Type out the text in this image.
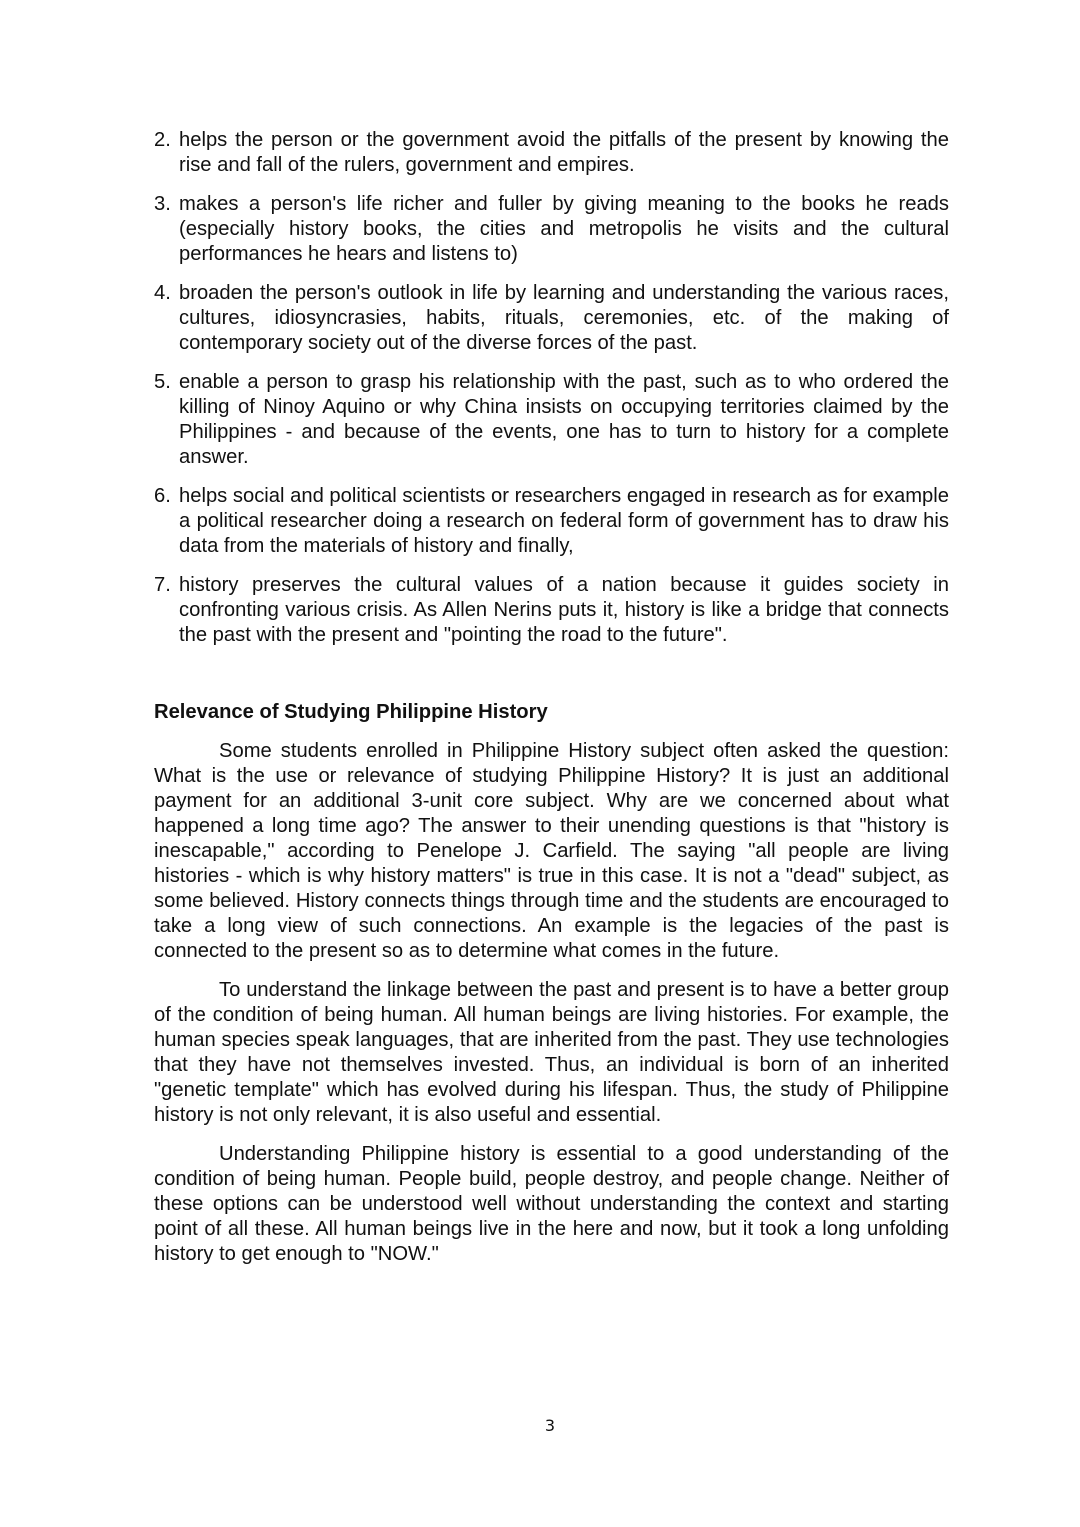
2. helps the person or the government avoid the pitfalls of the present by knowing the rise and fall of the rulers, government and empires.
3. makes a person's life richer and fuller by giving meaning to the books he reads (especially history books, the cities and metropolis he visits and the cultural performances he hears and listens to)
4. broaden the person's outlook in life by learning and understanding the various races, cultures, idiosyncrasies, habits, rituals, ceremonies, etc. of the making of contemporary society out of the diverse forces of the past.
5. enable a person to grasp his relationship with the past, such as to who ordered the killing of Ninoy Aquino or why China insists on occupying territories claimed by the Philippines - and because of the events, one has to turn to history for a complete answer.
6. helps social and political scientists or researchers engaged in research as for example a political researcher doing a research on federal form of government has to draw his data from the materials of history and finally,
7. history preserves the cultural values of a nation because it guides society in confronting various crisis. As Allen Nerins puts it, history is like a bridge that connects the past with the present and "pointing the road to the future".
Relevance of Studying Philippine History

Some students enrolled in Philippine History subject often asked the question: What is the use or relevance of studying Philippine History? It is just an additional payment for an additional 3-unit core subject. Why are we concerned about what happened a long time ago? The answer to their unending questions is that "history is inescapable," according to Penelope J. Carfield. The saying "all people are living histories - which is why history matters" is true in this case. It is not a "dead" subject, as some believed. History connects things through time and the students are encouraged to take a long view of such connections. An example is the legacies of the past is connected to the present so as to determine what comes in the future.

To understand the linkage between the past and present is to have a better group of the condition of being human. All human beings are living histories. For example, the human species speak languages, that are inherited from the past. They use technologies that they have not themselves invested. Thus, an individual is born of an inherited "genetic template" which has evolved during his lifespan. Thus, the study of Philippine history is not only relevant, it is also useful and essential.

Understanding Philippine history is essential to a good understanding of the condition of being human. People build, people destroy, and people change. Neither of these options can be understood well without understanding the context and starting point of all these. All human beings live in the here and now, but it took a long unfolding history to get enough to "NOW."

3
